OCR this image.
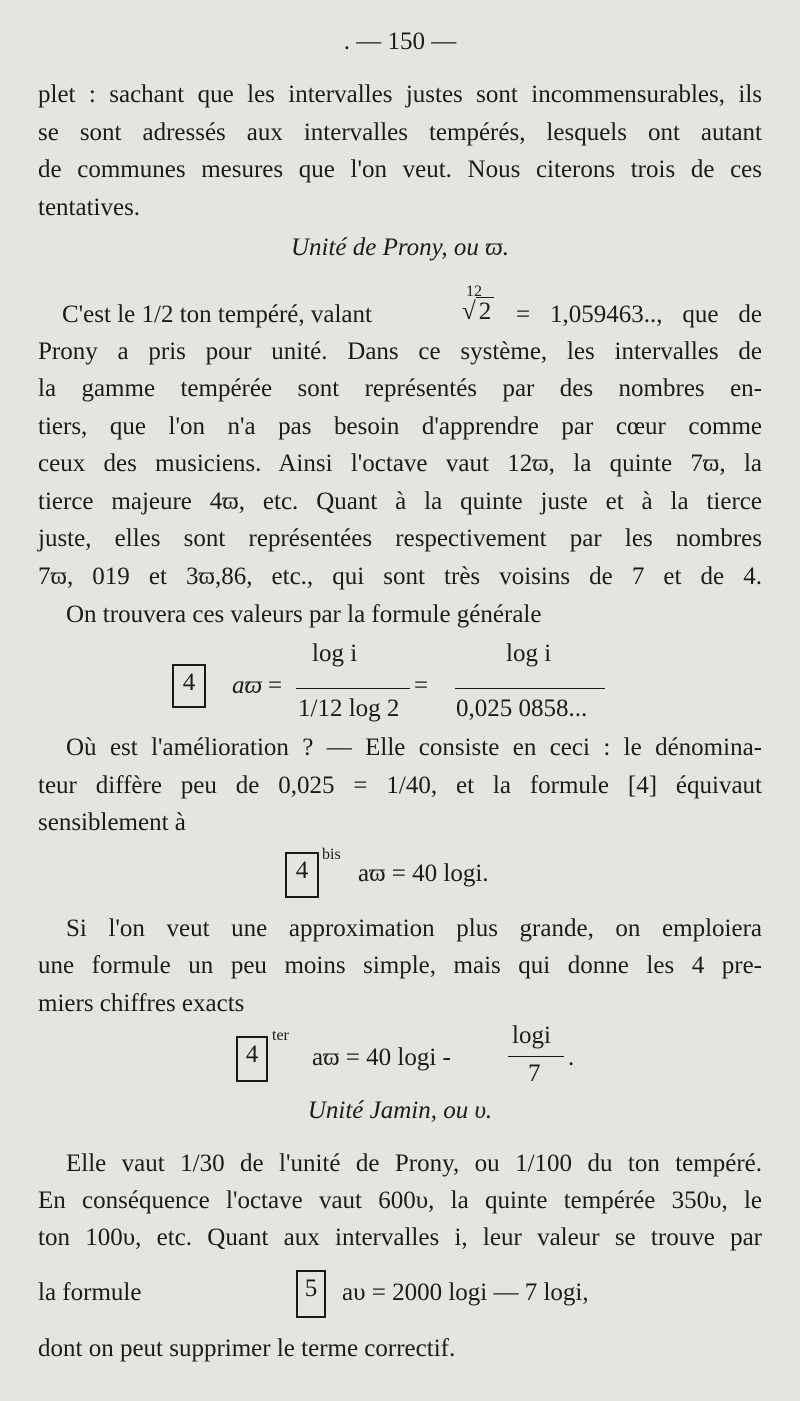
. — 150 —
plet : sachant que les intervalles justes sont incommensurables, ils
se sont adressés aux intervalles tempérés, lesquels ont autant
de communes mesures que l'on veut. Nous citerons trois de ces
tentatives.
Unité de Prony, ou ϖ.
12
C'est le 1/2 ton tempéré, valant	√ 2 = 1,059463.., que de
Prony a pris pour unité. Dans ce système, les intervalles de
la gamme tempérée sont représentés par des nombres en-
tiers, que l'on n'a pas besoin d'apprendre par cœur comme
ceux des musiciens. Ainsi l'octave vaut 12ϖ, la quinte 7ϖ, la
tierce majeure 4ϖ, etc. Quant à la quinte juste et à la tierce
juste, elles sont représentées respectivement par les nombres
7ϖ, 019 et 3ϖ,86, etc., qui sont très voisins de 7 et de 4.
On trouvera ces valeurs par la formule générale
4	aϖ =
log i
1/12 log 2
=
log i
0,025 0858...
Où est l'amélioration ? — Elle consiste en ceci : le dénomina-
teur diffère peu de 0,025 = 1/40, et la formule [4] équivaut
sensiblement à
4
bis
aϖ = 40 logi.
Si l'on veut une approximation plus grande, on emploiera
une formule un peu moins simple, mais qui donne les 4 pre-
miers chiffres exacts
4
ter
aϖ = 40 logi -
logi
7
.
Unité Jamin, ou υ.
Elle vaut 1/30 de l'unité de Prony, ou 1/100 du ton tempéré.
En conséquence l'octave vaut 600υ, la quinte tempérée 350υ, le
ton 100υ, etc. Quant aux intervalles i, leur valeur se trouve par
la formule	5 aυ = 2000 logi — 7 logi,
dont on peut supprimer le terme correctif.
